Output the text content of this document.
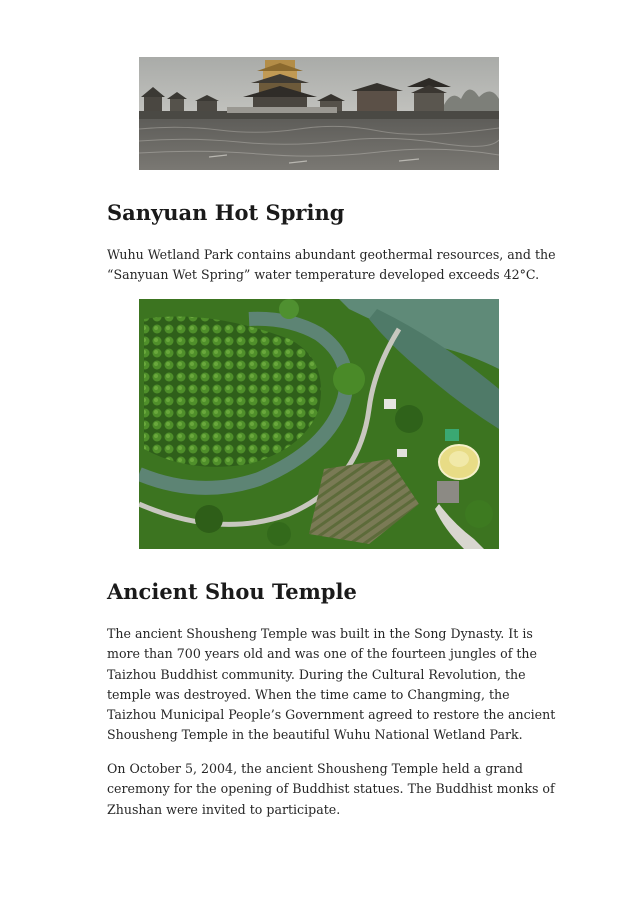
Sanyuan Hot Spring
Wuhu Wetland Park contains abundant geothermal resources, and the
“Sanyuan Wet Spring” water temperature developed exceeds 42°C.
Ancient Shou Temple
The ancient Shousheng Temple was built in the Song Dynasty. It is
more than 700 years old and was one of the fourteen jungles of the
Taizhou Buddhist community. During the Cultural Revolution, the
temple was destroyed. When the time came to Changming, the
Taizhou Municipal People’s Government agreed to restore the ancient
Shousheng Temple in the beautiful Wuhu National Wetland Park.
On October 5, 2004, the ancient Shousheng Temple held a grand
ceremony for the opening of Buddhist statues. The Buddhist monks of
Zhushan were invited to participate.
